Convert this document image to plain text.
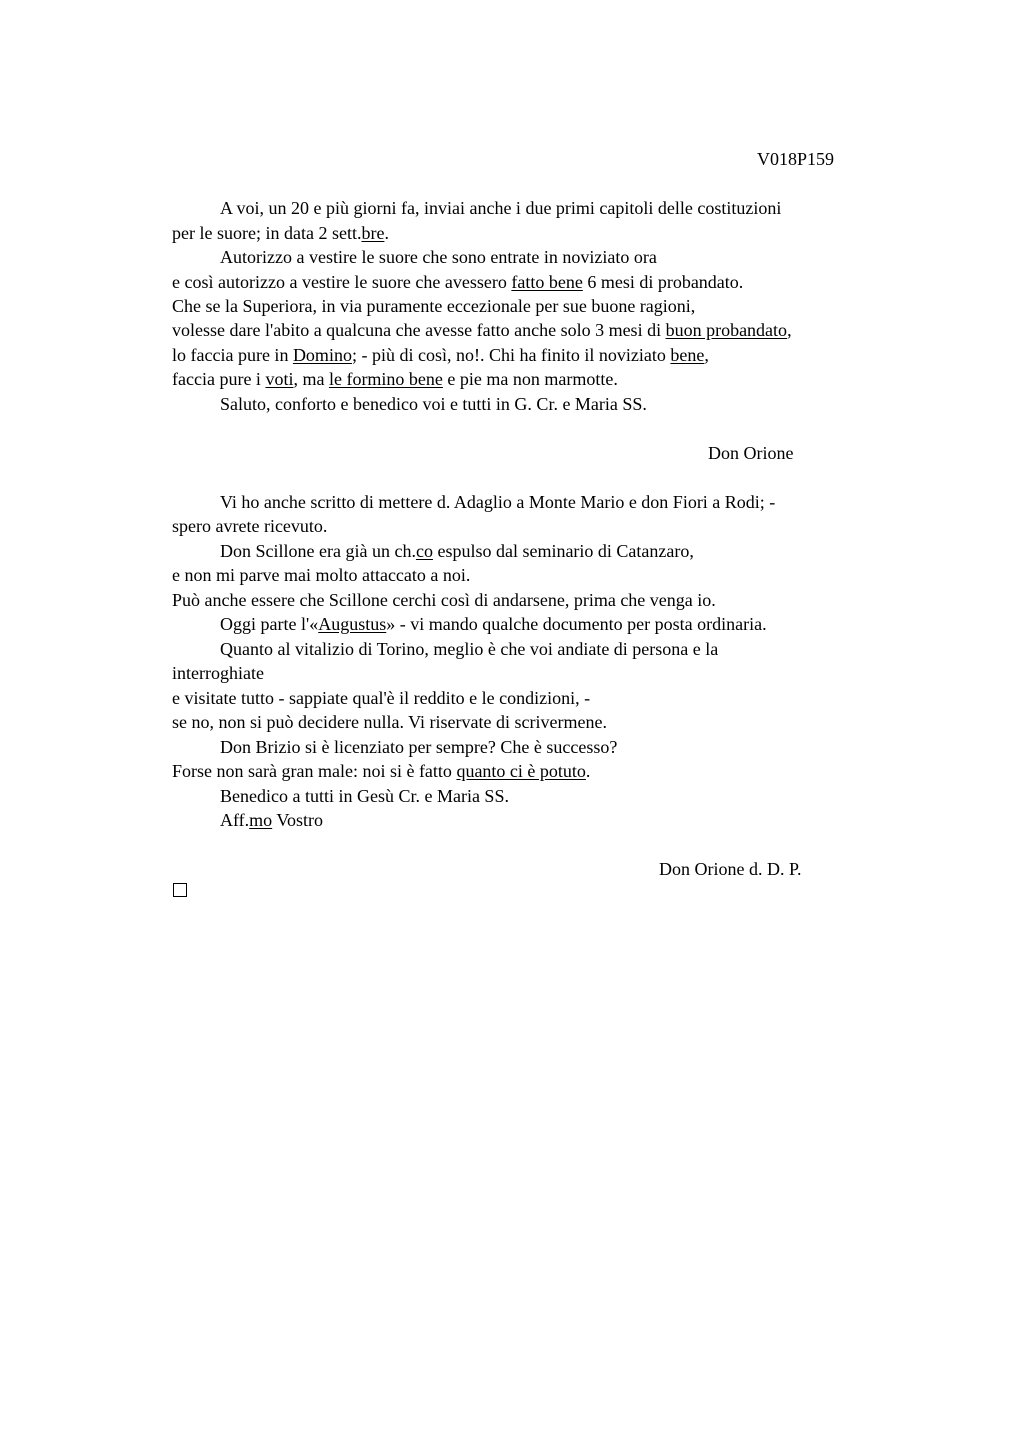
V018P159
A voi, un 20 e più giorni fa, inviai anche i due primi capitoli delle costituzioni
per le suore; in data 2 sett.bre.
Autorizzo a vestire le suore che sono entrate in noviziato ora
e così autorizzo a vestire le suore che avessero fatto bene 6 mesi di probandato.
Che se la Superiora, in via puramente eccezionale per sue buone ragioni,
volesse dare l'abito a qualcuna che avesse fatto anche solo 3 mesi di buon probandato,
lo faccia pure in Domino; - più di così, no!. Chi ha finito il noviziato bene,
faccia pure i voti, ma le formino bene e pie ma non marmotte.
Saluto, conforto e benedico voi e tutti in G. Cr. e Maria SS.
Don Orione
Vi ho anche scritto di mettere d. Adaglio a Monte Mario e don Fiori a Rodi; -
spero avrete ricevuto.
Don Scillone era già un ch.co espulso dal seminario di Catanzaro,
e non mi parve mai molto attaccato a noi.
Può anche essere che Scillone cerchi così di andarsene, prima che venga io.
Oggi parte l'«Augustus» - vi mando qualche documento per posta ordinaria.
Quanto al vitalizio di Torino, meglio è che voi andiate di persona e la
interroghiate
e visitate tutto - sappiate qual'è il reddito e le condizioni, -
se no, non si può decidere nulla. Vi riservate di scrivermene.
Don Brizio si è licenziato per sempre? Che è successo?
Forse non sarà gran male: noi si è fatto quanto ci è potuto.
Benedico a tutti in Gesù Cr. e Maria SS.
Aff.mo Vostro
Don Orione d. D. P.
